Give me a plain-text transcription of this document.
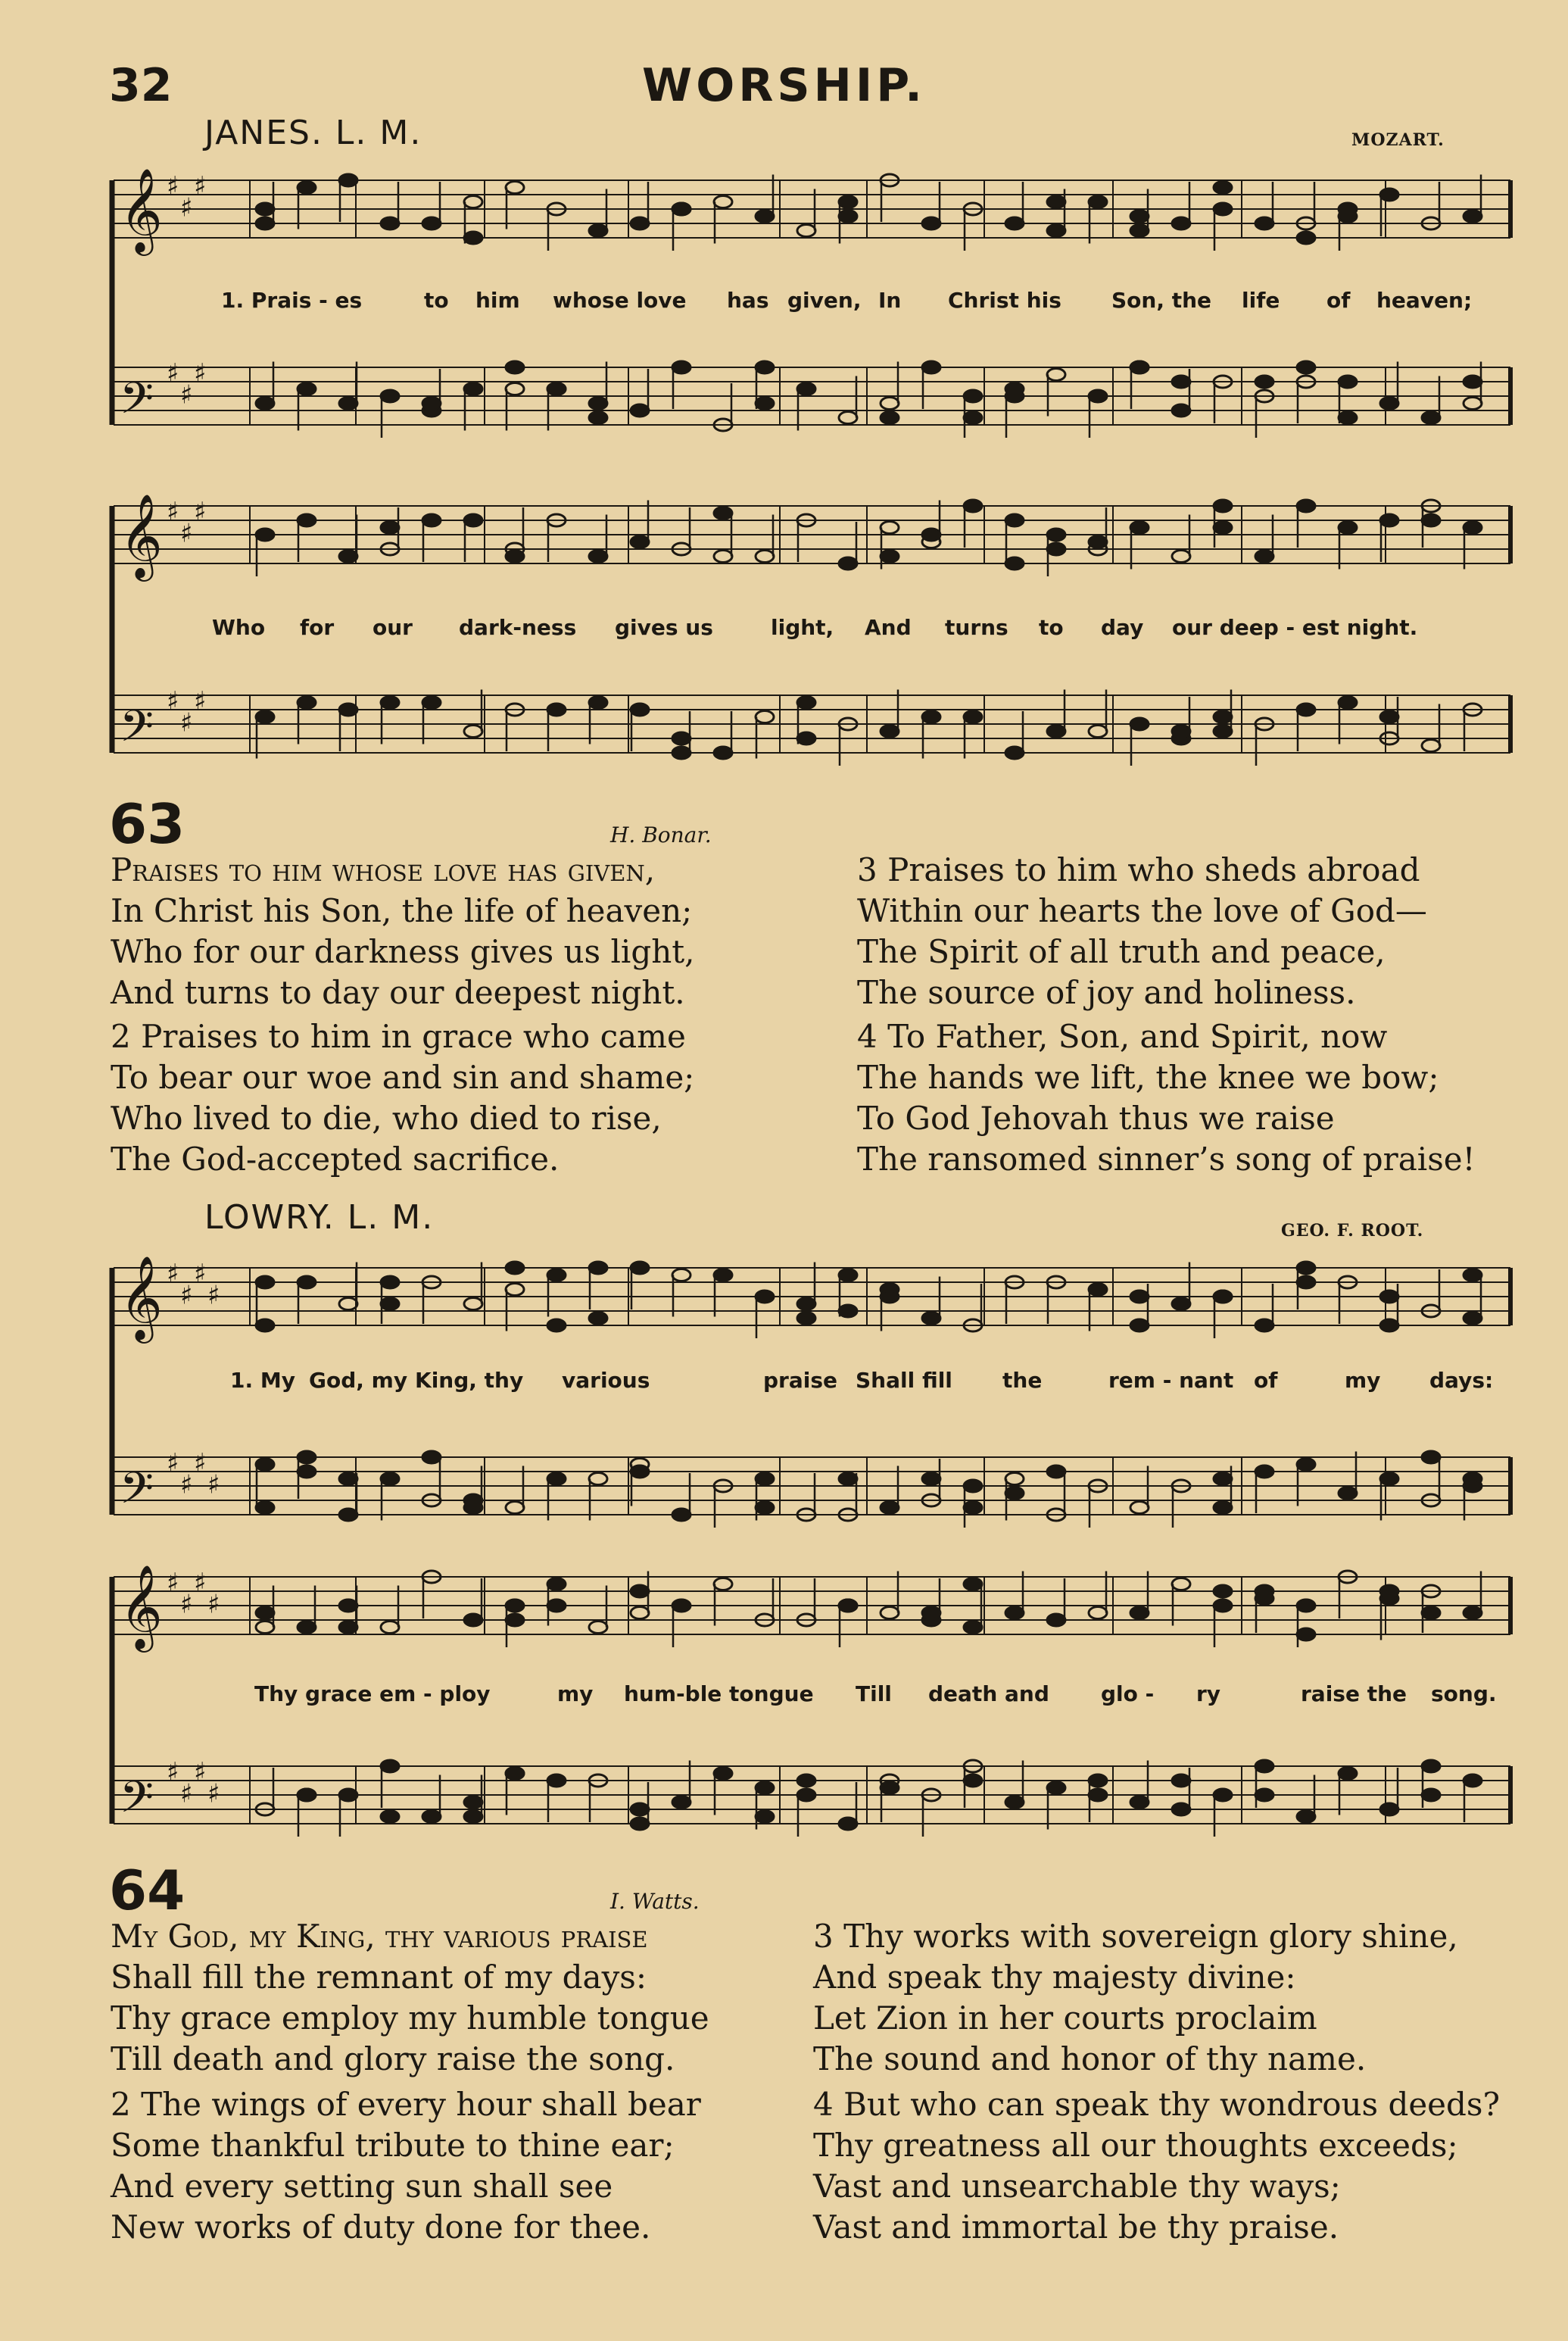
32	WORSHIP.
JANES. L. M.	MOZART.
𝄞 ♯
♯
♯
𝄢 ♯
♯
♯
𝄞 ♯
♯
♯
𝄢 ♯
♯
♯
𝄞 ♯
♯
♯
♯
𝄢 ♯
♯
♯
♯
𝄞 ♯
♯
♯
♯
𝄢 ♯
♯
♯
♯
1. Prais - es	to him whose love has given, In Christ his Son, the life of heaven;
Who for our dark-ness gives us	light, And turns to day our deep - est night.
63	H. Bonar.
Praises to him whose love has given,
In Christ his Son, the life of heaven;
Who for our darkness gives us light,
And turns to day our deepest night.
2 Praises to him in grace who came
To bear our woe and sin and shame;
Who lived to die, who died to rise,
The God-accepted sacrifice.
3 Praises to him who sheds abroad
Within our hearts the love of God—
The Spirit of all truth and peace,
The source of joy and holiness.
4 To Father, Son, and Spirit, now
The hands we lift, the knee we bow;
To God Jehovah thus we raise
The ransomed sinner’s song of praise!
LOWRY. L. M.	GEO. F. ROOT.
1. My God, my King, thy various	praise Shall fill the	rem - nant of	my days:
Thy grace em - ploy	my hum-ble tongue Till death and glo - ry	raise the song.
64	I. Watts.
My God, my King, thy various praise
Shall fill the remnant of my days:
Thy grace employ my humble tongue
Till death and glory raise the song.
2 The wings of every hour shall bear
Some thankful tribute to thine ear;
And every setting sun shall see
New works of duty done for thee.
3 Thy works with sovereign glory shine,
And speak thy majesty divine:
Let Zion in her courts proclaim
The sound and honor of thy name.
4 But who can speak thy wondrous deeds?
Thy greatness all our thoughts exceeds;
Vast and unsearchable thy ways;
Vast and immortal be thy praise.
